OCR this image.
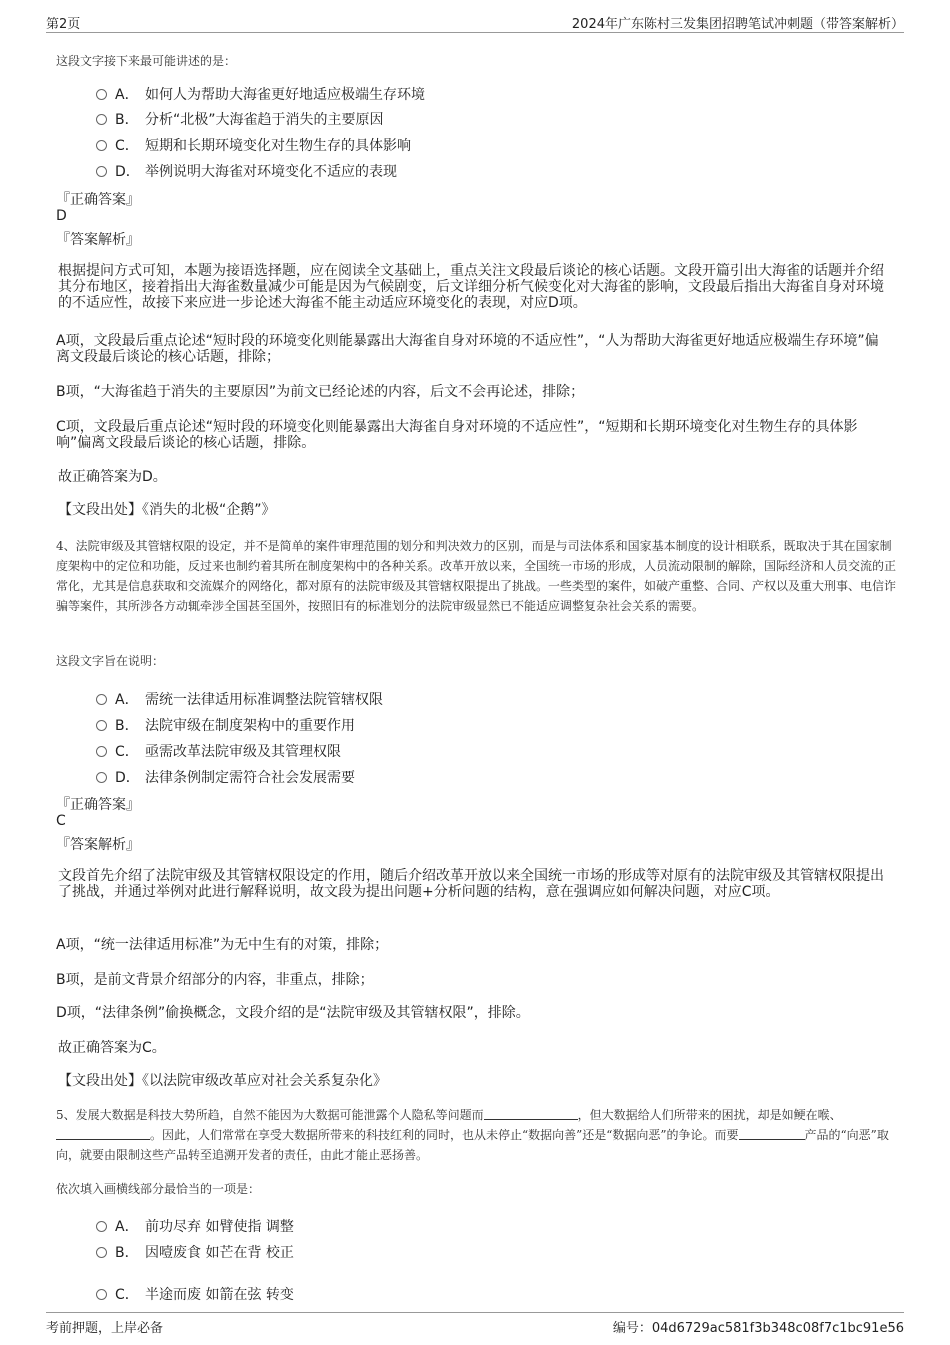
第2页	2024年广东陈村三发集团招聘笔试冲刺题（带答案解析）
这段文字接下来最可能讲述的是：
A． 如何人为帮助大海雀更好地适应极端生存环境
B． 分析“北极”大海雀趋于消失的主要原因
C． 短期和长期环境变化对生物生存的具体影响
D． 举例说明大海雀对环境变化不适应的表现
『正确答案』
D
『答案解析』
根据提问方式可知，本题为接语选择题，应在阅读全文基础上，重点关注文段最后谈论的核心话题。文段开篇引出大海雀的话题并介绍其分布地区，接着指出大海雀数量减少可能是因为气候剧变，后文详细分析气候变化对大海雀的影响，文段最后指出大海雀自身对环境的不适应性，故接下来应进一步论述大海雀不能主动适应环境变化的表现，对应D项。
A项，文段最后重点论述“短时段的环境变化则能暴露出大海雀自身对环境的不适应性”，“人为帮助大海雀更好地适应极端生存环境”偏离文段最后谈论的核心话题，排除；
B项，“大海雀趋于消失的主要原因”为前文已经论述的内容，后文不会再论述，排除；
C项，文段最后重点论述“短时段的环境变化则能暴露出大海雀自身对环境的不适应性”，“短期和长期环境变化对生物生存的具体影响”偏离文段最后谈论的核心话题，排除。
故正确答案为D。
【文段出处】《消失的北极“企鹅”》
4、法院审级及其管辖权限的设定，并不是简单的案件审理范围的划分和判决效力的区别，而是与司法体系和国家基本制度的设计相联系，既取决于其在国家制度架构中的定位和功能，反过来也制约着其所在制度架构中的各种关系。改革开放以来，全国统一市场的形成，人员流动限制的解除，国际经济和人员交流的正常化，尤其是信息获取和交流媒介的网络化，都对原有的法院审级及其管辖权限提出了挑战。一些类型的案件，如破产重整、合同、产权以及重大刑事、电信诈骗等案件，其所涉各方动辄牵涉全国甚至国外，按照旧有的标准划分的法院审级显然已不能适应调整复杂社会关系的需要。
这段文字旨在说明：
A． 需统一法律适用标准调整法院管辖权限
B． 法院审级在制度架构中的重要作用
C． 亟需改革法院审级及其管理权限
D． 法律条例制定需符合社会发展需要
『正确答案』
C
『答案解析』
文段首先介绍了法院审级及其管辖权限设定的作用，随后介绍改革开放以来全国统一市场的形成等对原有的法院审级及其管辖权限提出了挑战，并通过举例对此进行解释说明，故文段为提出问题+分析问题的结构，意在强调应如何解决问题，对应C项。
A项，“统一法律适用标准”为无中生有的对策，排除；
B项，是前文背景介绍部分的内容，非重点，排除；
D项，“法律条例”偷换概念，文段介绍的是“法院审级及其管辖权限”，排除。
故正确答案为C。
【文段出处】《以法院审级改革应对社会关系复杂化》
5、发展大数据是科技大势所趋，自然不能因为大数据可能泄露个人隐私等问题而	，但大数据给人们所带来的困扰，却是如鲠在喉、。因此，人们常常在享受大数据所带来的科技红利的同时，也从未停止“数据向善”还是“数据向恶”的争论。而要	产品的“向恶”取向，就要由限制这些产品转至追溯开发者的责任，由此才能止恶扬善。
依次填入画横线部分最恰当的一项是：
A． 前功尽弃 如臂使指 调整
B． 因噎废食 如芒在背 校正
C． 半途而废 如箭在弦 转变
考前押题，上岸必备	编号：04d6729ac581f3b348c08f7c1bc91e56
